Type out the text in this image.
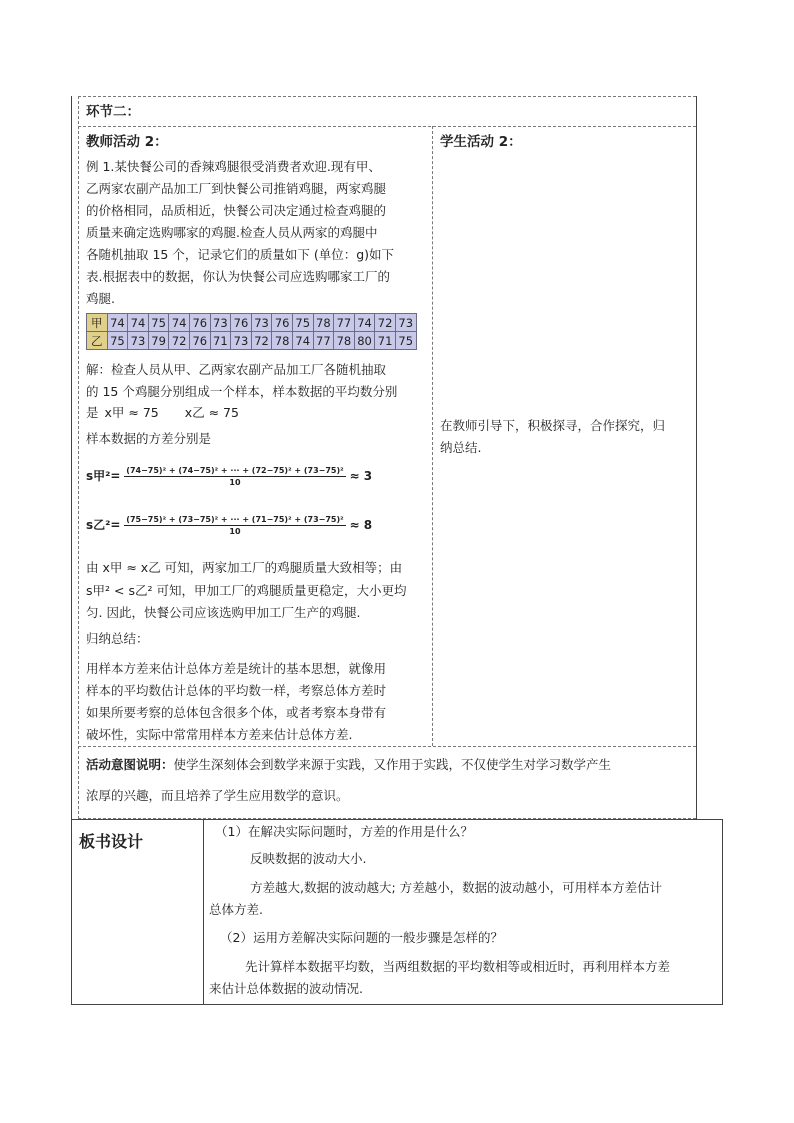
环节二：
教师活动 2：
例 1.某快餐公司的香辣鸡腿很受消费者欢迎.现有甲、
乙两家农副产品加工厂到快餐公司推销鸡腿，两家鸡腿
的价格相同，品质相近，快餐公司决定通过检查鸡腿的
质量来确定选购哪家的鸡腿.检查人员从两家的鸡腿中
各随机抽取 15 个，记录它们的质量如下 (单位：g)如下
表.根据表中的数据，你认为快餐公司应选购哪家工厂的
鸡腿.
甲	74	74	75	74	76	73	76	73	76	75	78	77	74	72	73
乙	75	73	79	72	76	71	73	72	78	74	77	78	80	71	75
解：检查人员从甲、乙两家农副产品加工厂各随机抽取
的 15 个鸡腿分别组成一个样本，样本数据的平均数分别
是 x甲 ≈ 75 x乙 ≈ 75
样本数据的方差分别是
s甲$^2= \frac{\text{(74−75)² + (74−75)² + ··· + (72−75)² + (73−75)²}}{10} \approx 3$
s乙$^2= \frac{\text{(75−75)² + (73−75)² + ··· + (71−75)² + (73−75)²}}{10} \approx 8$
由 x甲 ≈ x乙 可知，两家加工厂的鸡腿质量大致相等；由
s甲² < s乙² 可知，甲加工厂的鸡腿质量更稳定，大小更均
匀. 因此，快餐公司应该选购甲加工厂生产的鸡腿.
归纳总结：
用样本方差来估计总体方差是统计的基本思想，就像用
样本的平均数估计总体的平均数一样，考察总体方差时
如果所要考察的总体包含很多个体，或者考察本身带有
破坏性，实际中常常用样本方差来估计总体方差.
学生活动 2：
在教师引导下，积极探寻，合作探究，归
纳总结.
活动意图说明：使学生深刻体会到数学来源于实践，又作用于实践，不仅使学生对学习数学产生
浓厚的兴趣，而且培养了学生应用数学的意识。
板书设计
（1）在解决实际问题时，方差的作用是什么？
反映数据的波动大小.
方差越大,数据的波动越大; 方差越小，数据的波动越小，可用样本方差估计
总体方差.
（2）运用方差解决实际问题的一般步骤是怎样的？
先计算样本数据平均数，当两组数据的平均数相等或相近时，再利用样本方差
来估计总体数据的波动情况.
